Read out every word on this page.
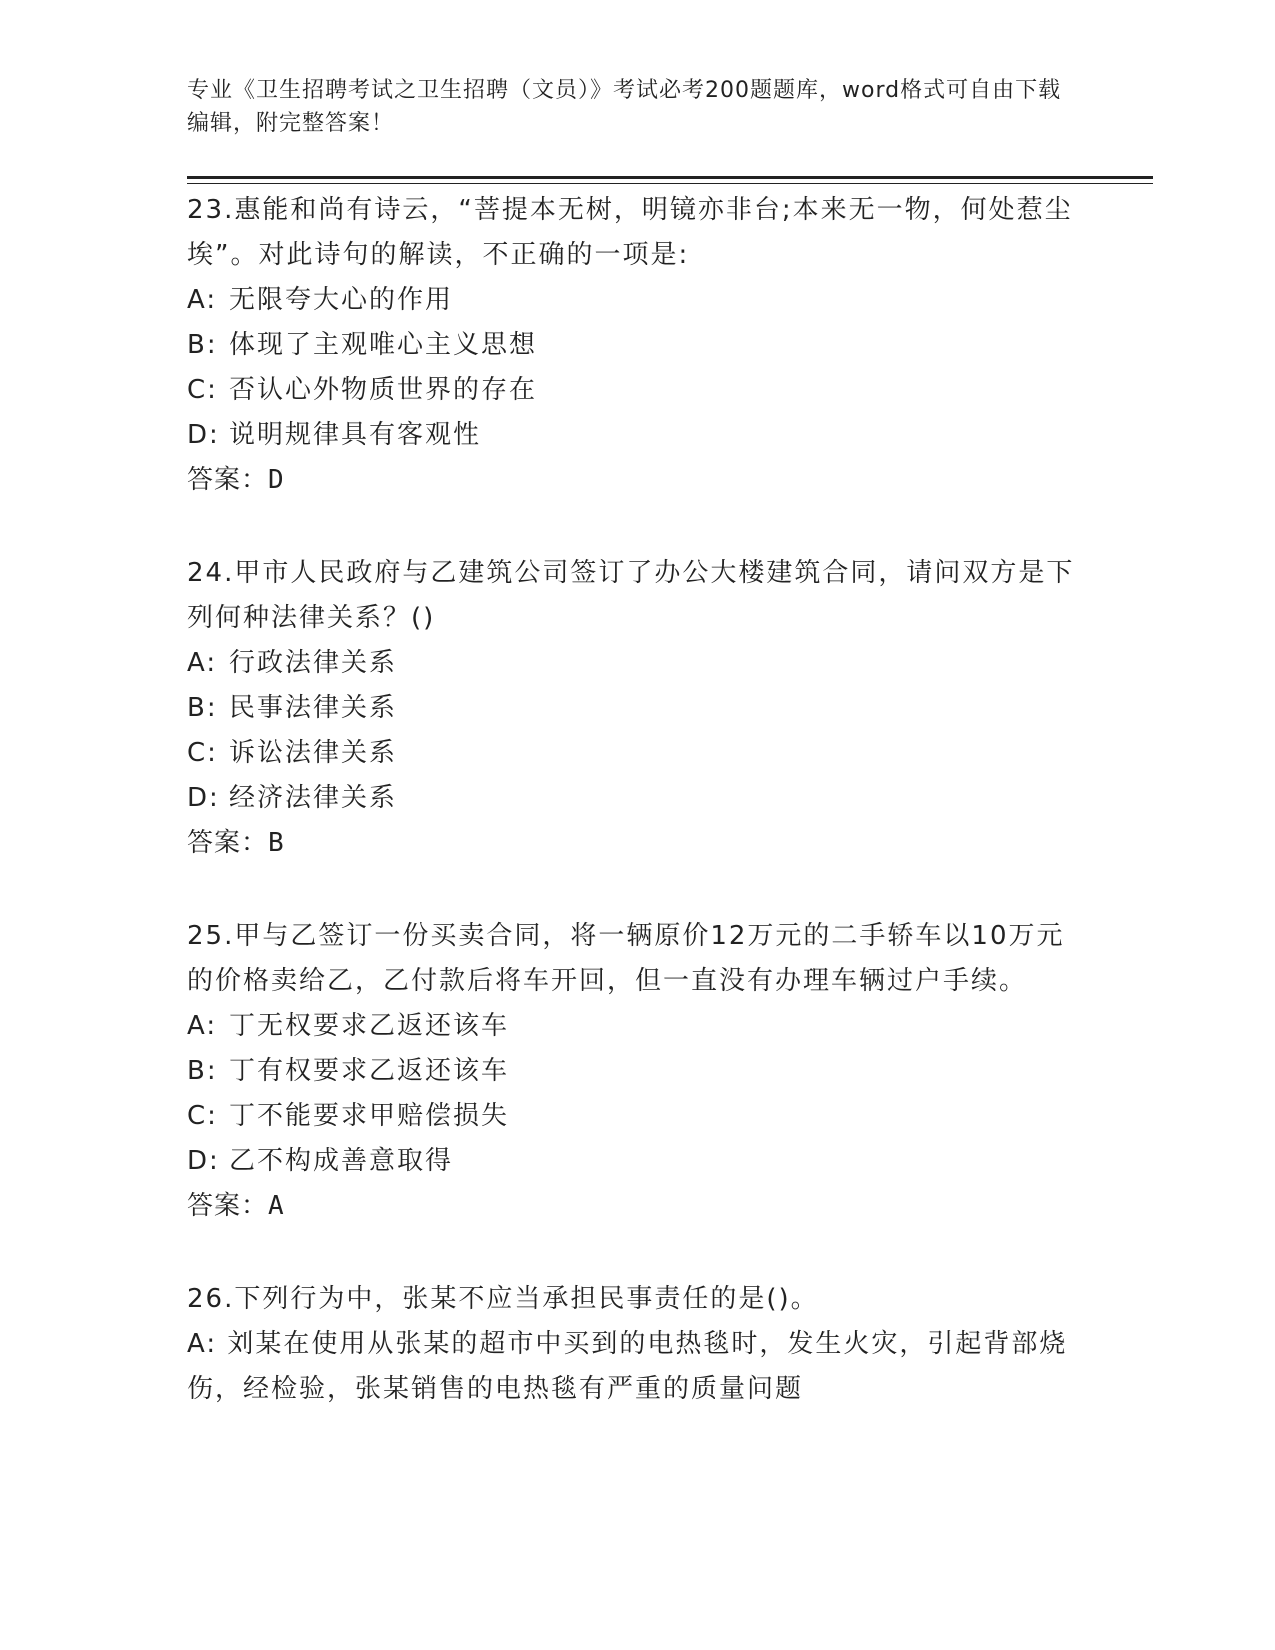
专业《卫生招聘考试之卫生招聘（文员）》考试必考200题题库，word格式可自由下载编辑，附完整答案！

23.惠能和尚有诗云，“菩提本无树，明镜亦非台;本来无一物，何处惹尘埃”。对此诗句的解读，不正确的一项是:

A: 无限夸大心的作用

B: 体现了主观唯心主义思想

C: 否认心外物质世界的存在

D: 说明规律具有客观性

答案：D

24.甲市人民政府与乙建筑公司签订了办公大楼建筑合同，请问双方是下列何种法律关系？()

A: 行政法律关系

B: 民事法律关系

C: 诉讼法律关系

D: 经济法律关系

答案：B

25.甲与乙签订一份买卖合同，将一辆原价12万元的二手轿车以10万元的价格卖给乙，乙付款后将车开回，但一直没有办理车辆过户手续。

A: 丁无权要求乙返还该车

B: 丁有权要求乙返还该车

C: 丁不能要求甲赔偿损失

D: 乙不构成善意取得

答案：A

26.下列行为中，张某不应当承担民事责任的是()。

A: 刘某在使用从张某的超市中买到的电热毯时，发生火灾，引起背部烧伤，经检验，张某销售的电热毯有严重的质量问题
